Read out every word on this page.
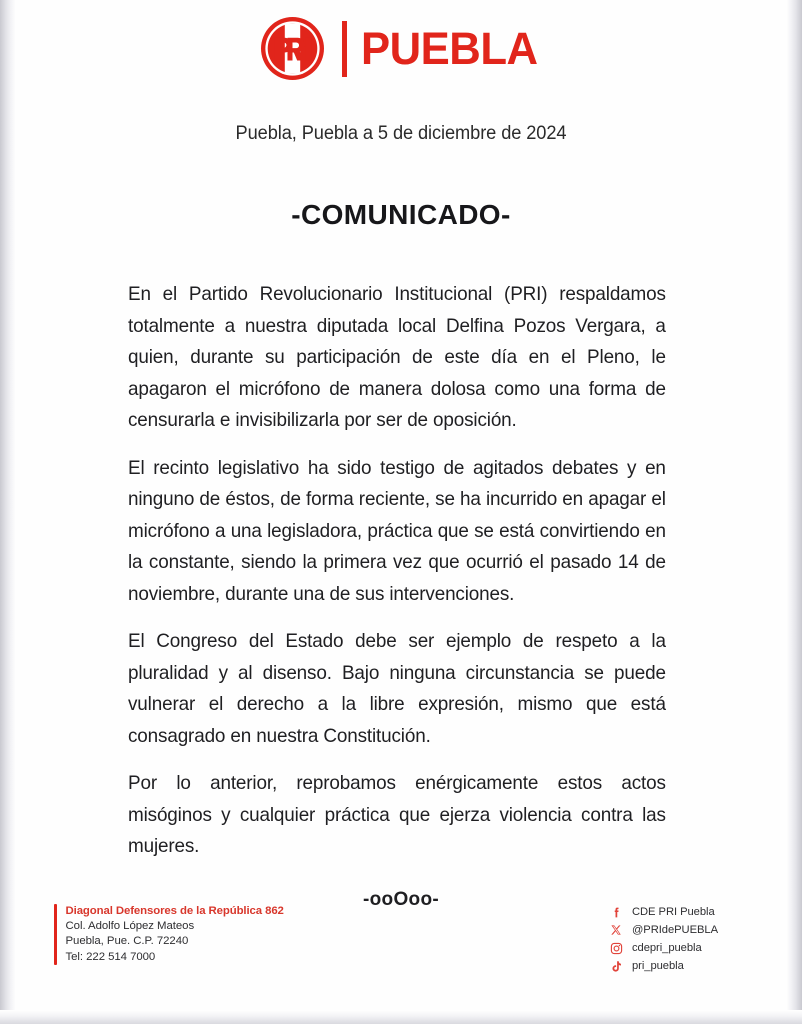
PUEBLA
Puebla, Puebla a 5 de diciembre de 2024
-COMUNICADO-

En el Partido Revolucionario Institucional (PRI) respaldamos totalmente a nuestra diputada local Delfina Pozos Vergara, a quien, durante su participación de este día en el Pleno, le apagaron el micrófono de manera dolosa como una forma de censurarla e invisibilizarla por ser de oposición.

El recinto legislativo ha sido testigo de agitados debates y en ninguno de éstos, de forma reciente, se ha incurrido en apagar el micrófono a una legisladora, práctica que se está convirtiendo en la constante, siendo la primera vez que ocurrió el pasado 14 de noviembre, durante una de sus intervenciones.

El Congreso del Estado debe ser ejemplo de respeto a la pluralidad y al disenso. Bajo ninguna circunstancia se puede vulnerar el derecho a la libre expresión, mismo que está consagrado en nuestra Constitución.

Por lo anterior, reprobamos enérgicamente estos actos misóginos y cualquier práctica que ejerza violencia contra las mujeres.

-ooOoo-
Diagonal Defensores de la República 862
Col. Adolfo López Mateos
Puebla, Pue. C.P. 72240
Tel: 222 514 7000
CDE PRI Puebla
@PRIdePUEBLA
cdepri_puebla
pri_puebla
